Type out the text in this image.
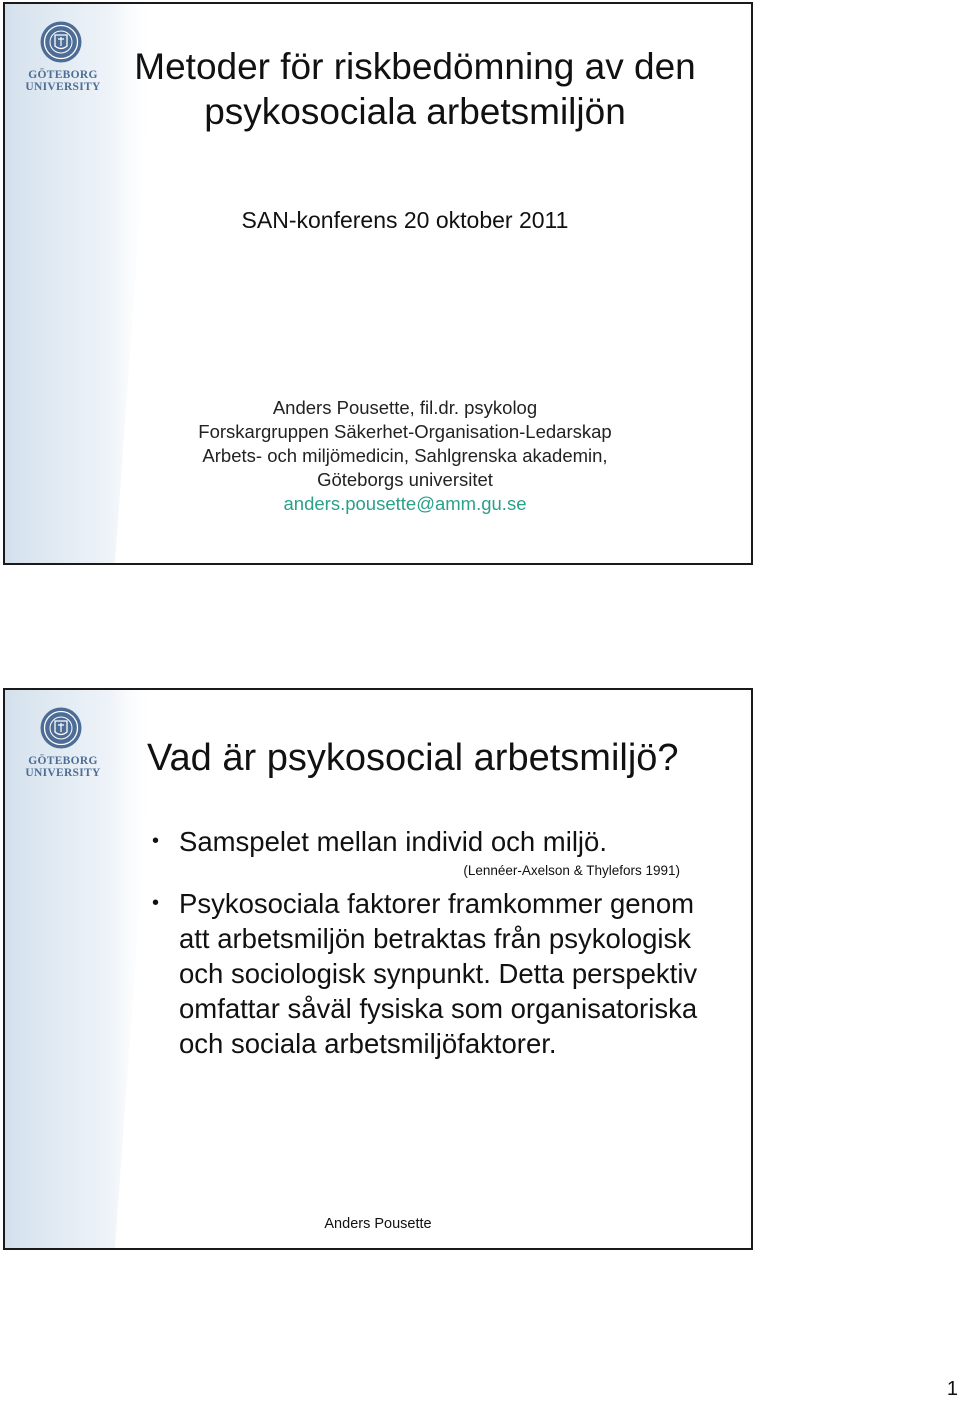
GÖTEBORG
UNIVERSITY Metoder för riskbedömning av den psykosociala arbetsmiljön
SAN-konferens 20 oktober 2011
Anders Pousette, fil.dr. psykolog
Forskargruppen Säkerhet-Organisation-Ledarskap
Arbets- och miljömedicin, Sahlgrenska akademin,
Göteborgs universitet
anders.pousette@amm.gu.se
GÖTEBORG
UNIVERSITY Vad är psykosocial arbetsmiljö?
• Samspelet mellan individ och miljö.
(Lennéer-Axelson & Thylefors 1991)
• Psykosociala faktorer framkommer genom att arbetsmiljön betraktas från psykologisk och sociologisk synpunkt. Detta perspektiv omfattar såväl fysiska som organisatoriska och sociala arbetsmiljöfaktorer.
Anders Pousette
1
